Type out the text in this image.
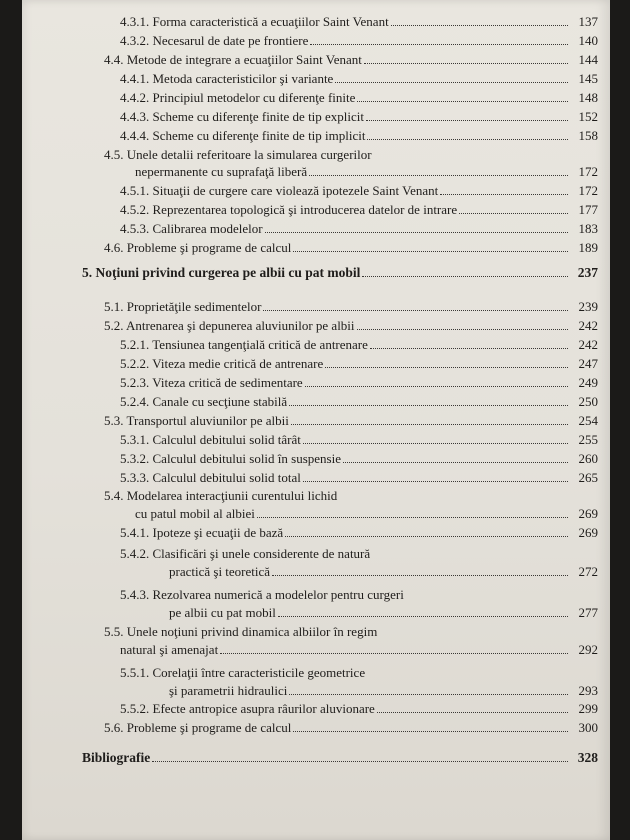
4.3.1. Forma caracteristică a ecuaţiilor Saint Venant	137
4.3.2. Necesarul de date pe frontiere	140
4.4. Metode de integrare a ecuaţiilor Saint Venant	144
4.4.1. Metoda caracteristicilor şi variante	145
4.4.2. Principiul metodelor cu diferenţe finite	148
4.4.3. Scheme cu diferenţe finite de tip explicit	152
4.4.4. Scheme cu diferenţe finite de tip implicit	158
4.5. Unele detalii referitoare la simularea curgerilor
nepermanente cu suprafaţă liberă	172
4.5.1. Situaţii de curgere care violează ipotezele Saint Venant	172
4.5.2. Reprezentarea topologică şi introducerea datelor de intrare	177
4.5.3. Calibrarea modelelor	183
4.6. Probleme şi programe de calcul	189
5. Noţiuni privind curgerea pe albii cu pat mobil	237
5.1. Proprietăţile sedimentelor	239
5.2. Antrenarea şi depunerea aluviunilor pe albii	242
5.2.1. Tensiunea tangenţială critică de antrenare	242
5.2.2. Viteza medie critică de antrenare	247
5.2.3. Viteza critică de sedimentare	249
5.2.4. Canale cu secţiune stabilă	250
5.3. Transportul aluviunilor pe albii	254
5.3.1. Calculul debitului solid târât	255
5.3.2. Calculul debitului solid în suspensie	260
5.3.3. Calculul debitului solid total	265
5.4. Modelarea interacţiunii curentului lichid
cu patul mobil al albiei	269
5.4.1. Ipoteze şi ecuaţii de bază	269
5.4.2. Clasificări şi unele considerente de natură
practică şi teoretică	272
5.4.3. Rezolvarea numerică a modelelor pentru curgeri
pe albii cu pat mobil	277
5.5. Unele noţiuni privind dinamica albiilor în regim
natural şi amenajat	292
5.5.1. Corelaţii între caracteristicile geometrice
şi parametrii hidraulici	293
5.5.2. Efecte antropice asupra râurilor aluvionare	299
5.6. Probleme şi programe de calcul	300
Bibliografie	328
